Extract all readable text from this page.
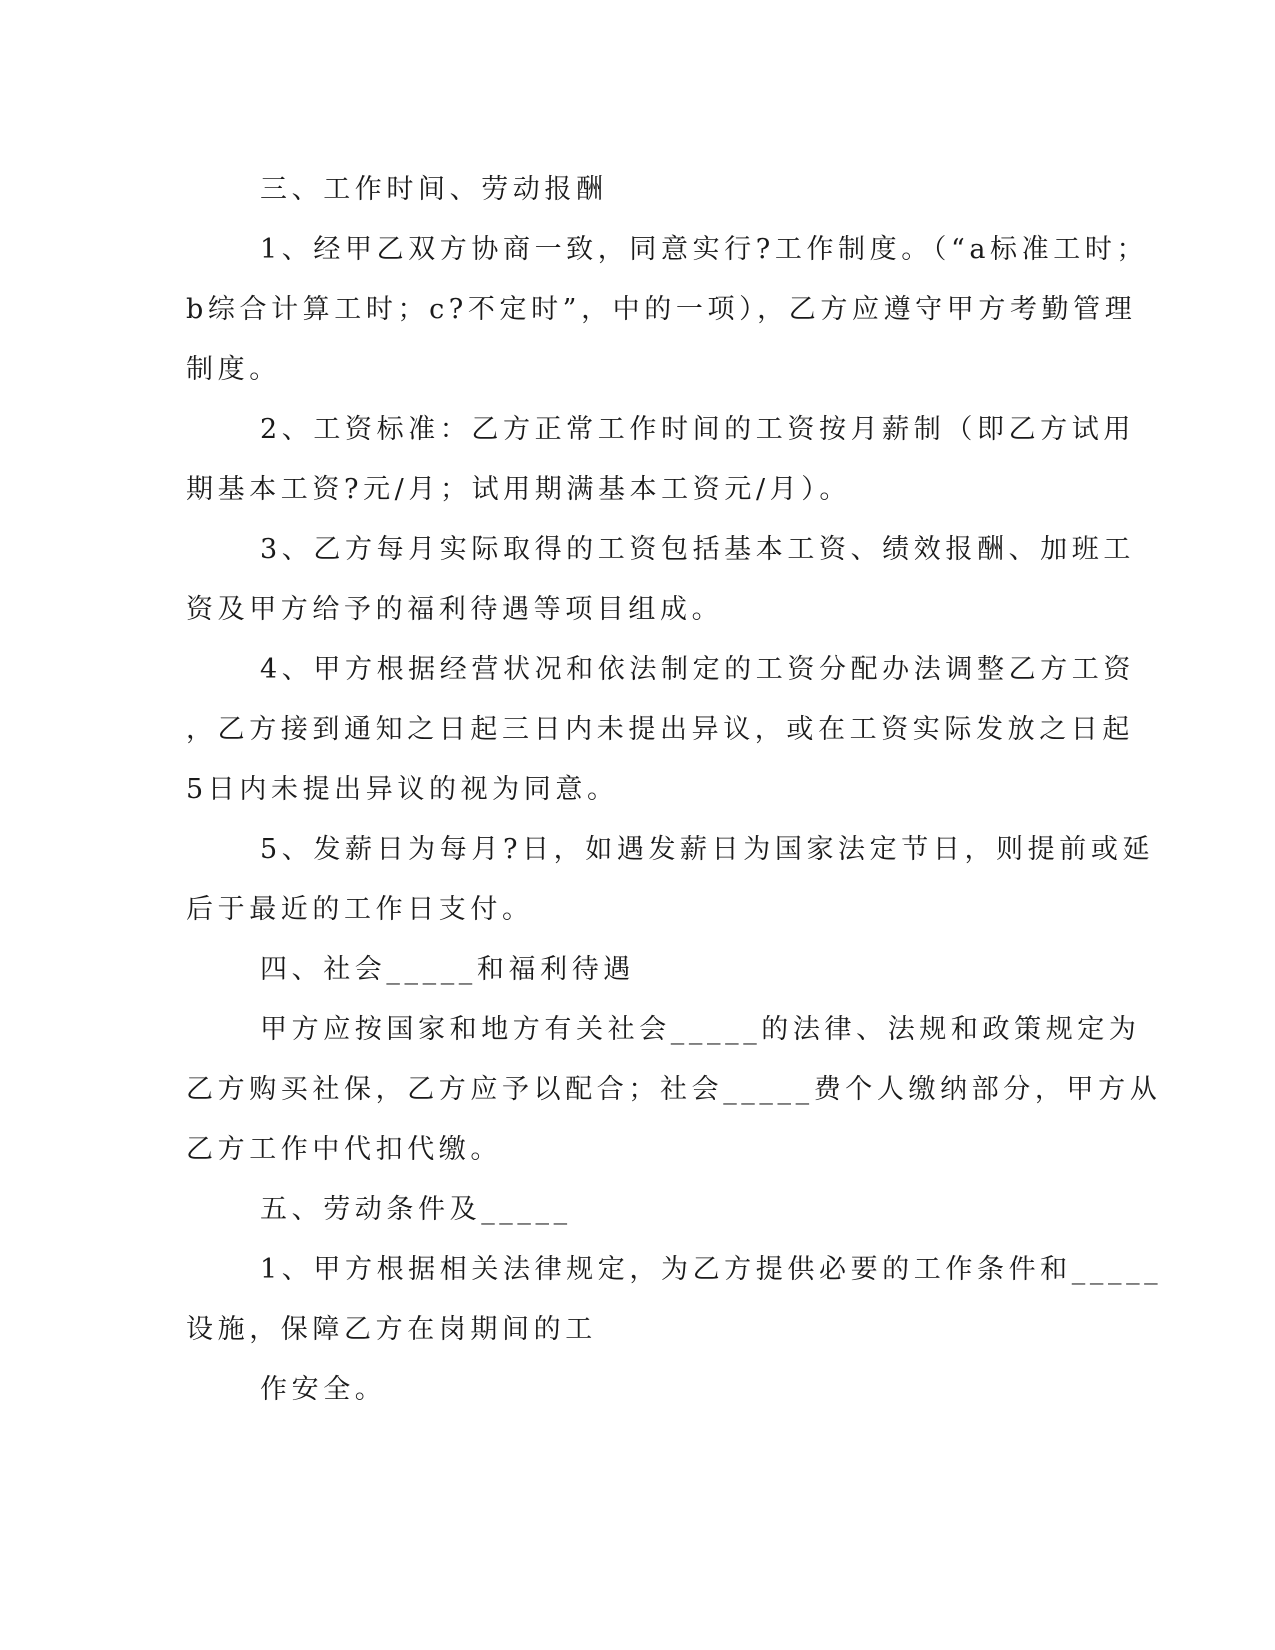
三、工作时间、劳动报酬
1、经甲乙双方协商一致，同意实行?工作制度。（“a标准工时；
b综合计算工时；c?不定时”，中的一项），乙方应遵守甲方考勤管理
制度。
2、工资标准：乙方正常工作时间的工资按月薪制（即乙方试用
期基本工资?元/月；试用期满基本工资元/月）。
3、乙方每月实际取得的工资包括基本工资、绩效报酬、加班工
资及甲方给予的福利待遇等项目组成。
4、甲方根据经营状况和依法制定的工资分配办法调整乙方工资
，乙方接到通知之日起三日内未提出异议，或在工资实际发放之日起
5日内未提出异议的视为同意。
5、发薪日为每月?日，如遇发薪日为国家法定节日，则提前或延
后于最近的工作日支付。
四、社会_____和福利待遇
甲方应按国家和地方有关社会_____的法律、法规和政策规定为
乙方购买社保，乙方应予以配合；社会_____费个人缴纳部分，甲方从
乙方工作中代扣代缴。
五、劳动条件及_____
1、甲方根据相关法律规定，为乙方提供必要的工作条件和_____
设施，保障乙方在岗期间的工
作安全。
